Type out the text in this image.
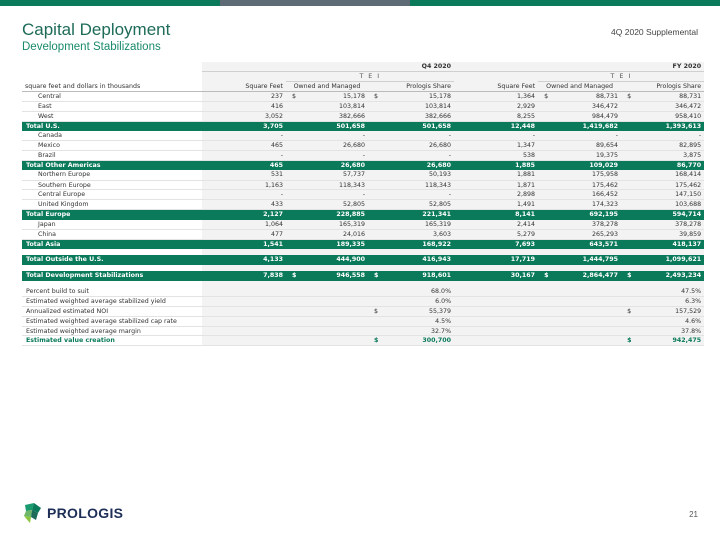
Capital Deployment
Development Stabilizations
4Q 2020 Supplemental
	Q4 2020					FY 2020				
		T E I					T E I			
square feet and dollars in thousands	Square Feet	Owned and Managed		Prologis Share		Square Feet	Owned and Managed		Prologis Share	
Central	237	$	15,178	$	15,178	1,364	$	88,731	$	88,731
East	416		103,814		103,814	2,929		346,472		346,472
West	3,052		382,666		382,666	8,255		984,479		958,410
Total U.S.	3,705		501,658		501,658	12,448		1,419,682		1,393,613
Canada	-		-		-	-		-		-
Mexico	465		26,680		26,680	1,347		89,654		82,895
Brazil	-		-		-	538		19,375		3,875
Total Other Americas	465		26,680		26,680	1,885		109,029		86,770
Northern Europe	531		57,737		50,193	1,881		175,958		168,414
Southern Europe	1,163		118,343		118,343	1,871		175,462		175,462
Central Europe	-		-		-	2,898		166,452		147,150
United Kingdom	433		52,805		52,805	1,491		174,323		103,688
Total Europe	2,127		228,885		221,341	8,141		692,195		594,714
Japan	1,064		165,319		165,319	2,414		378,278		378,278
China	477		24,016		3,603	5,279		265,293		39,859
Total Asia	1,541		189,335		168,922	7,693		643,571		418,137

Total Outside the U.S.	4,133		444,900		416,943	17,719		1,444,795		1,099,621

Total Development Stabilizations	7,838	$	946,558	$	918,601	30,167	$	2,864,477	$	2,493,234

Percent build to suit					68.0%					47.5%
Estimated weighted average stabilized yield					6.0%					6.3%
Annualized estimated NOI				$	55,379				$	157,529
Estimated weighted average stabilized cap rate					4.5%					4.6%
Estimated weighted average margin					32.7%					37.8%
Estimated value creation				$	300,700				$	942,475
PROLOGIS	21
